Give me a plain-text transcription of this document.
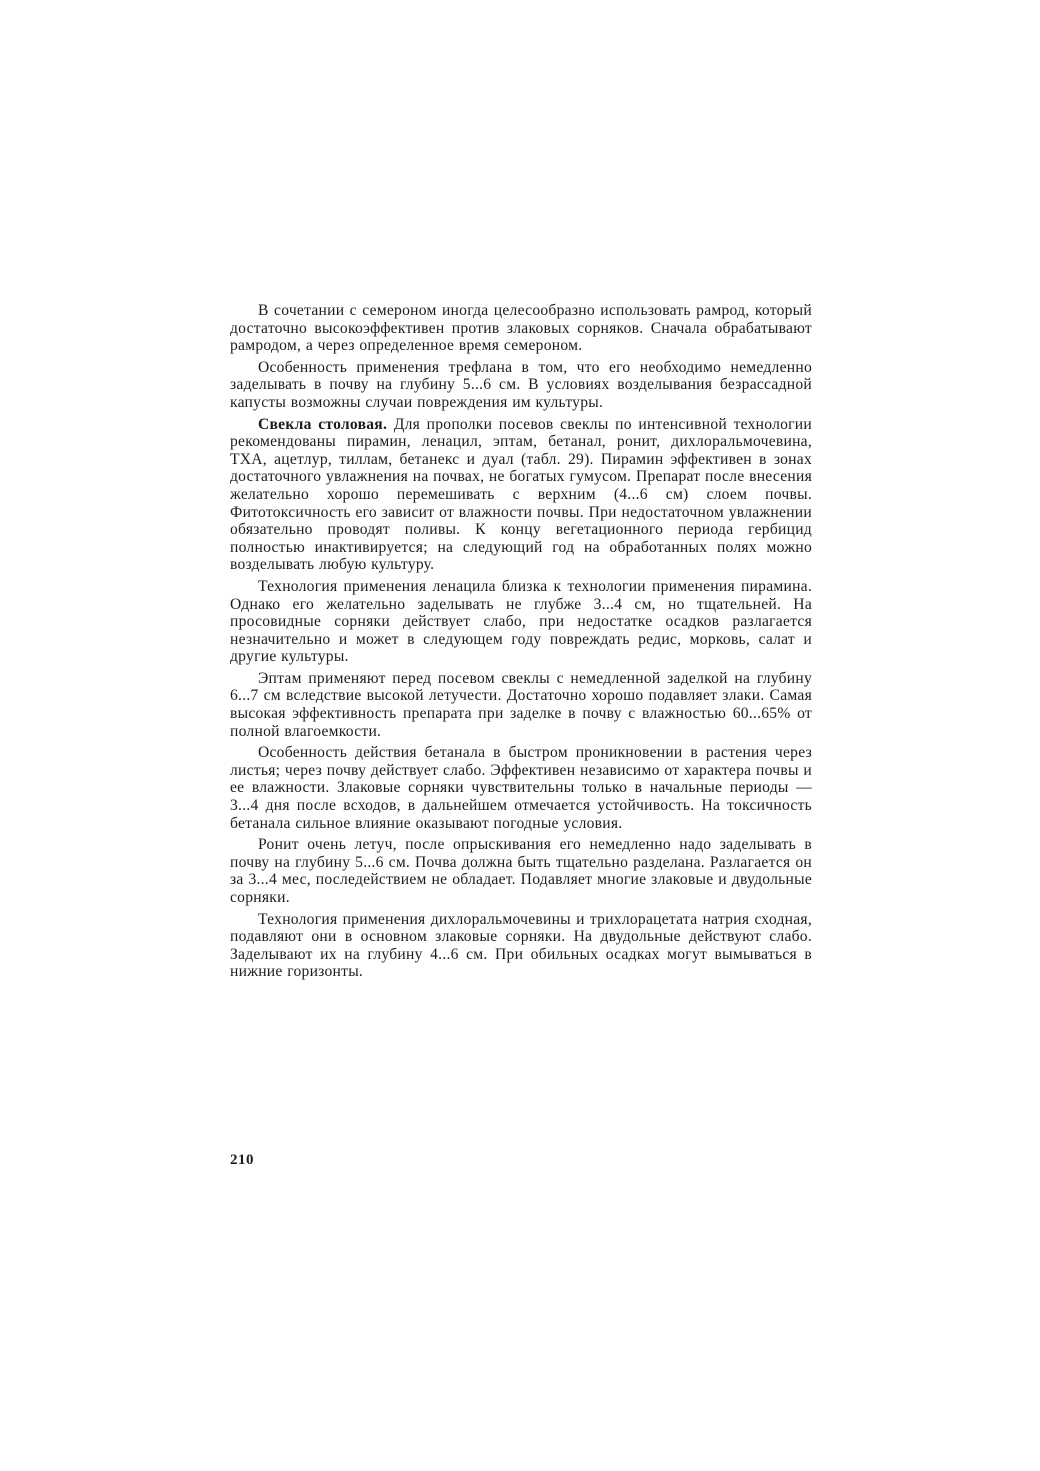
В сочетании с семероном иногда целесообразно использовать рамрод, который достаточно высокоэффективен против злаковых сорняков. Сначала обрабатывают рамродом, а через определенное время семероном.

Особенность применения трефлана в том, что его необходимо немедленно заделывать в почву на глубину 5...6 см. В условиях возделывания безрассадной капусты возможны случаи повреждения им культуры.

Свекла столовая. Для прополки посевов свеклы по интенсивной технологии рекомендованы пирамин, ленацил, эптам, бетанал, ронит, дихлоральмочевина, ТХА, ацетлур, тиллам, бетанекс и дуал (табл. 29). Пирамин эффективен в зонах достаточного увлажнения на почвах, не богатых гумусом. Препарат после внесения желательно хорошо перемешивать с верхним (4...6 см) слоем почвы. Фитотоксичность его зависит от влажности почвы. При недостаточном увлажнении обязательно проводят поливы. К концу вегетационного периода гербицид полностью инактивируется; на следующий год на обработанных полях можно возделывать любую культуру.

Технология применения ленацила близка к технологии применения пирамина. Однако его желательно заделывать не глубже 3...4 см, но тщательней. На просовидные сорняки действует слабо, при недостатке осадков разлагается незначительно и может в следующем году повреждать редис, морковь, салат и другие культуры.

Эптам применяют перед посевом свеклы с немедленной заделкой на глубину 6...7 см вследствие высокой летучести. Достаточно хорошо подавляет злаки. Самая высокая эффективность препарата при заделке в почву с влажностью 60...65% от полной влагоемкости.

Особенность действия бетанала в быстром проникновении в растения через листья; через почву действует слабо. Эффективен независимо от характера почвы и ее влажности. Злаковые сорняки чувствительны только в начальные периоды — 3...4 дня после всходов, в дальнейшем отмечается устойчивость. На токсичность бетанала сильное влияние оказывают погодные условия.

Ронит очень летуч, после опрыскивания его немедленно надо заделывать в почву на глубину 5...6 см. Почва должна быть тщательно разделана. Разлагается он за 3...4 мес, последействием не обладает. Подавляет многие злаковые и двудольные сорняки.

Технология применения дихлоральмочевины и трихлорацетата натрия сходная, подавляют они в основном злаковые сорняки. На двудольные действуют слабо. Заделывают их на глубину 4...6 см. При обильных осадках могут вымываться в нижние горизонты.

210
